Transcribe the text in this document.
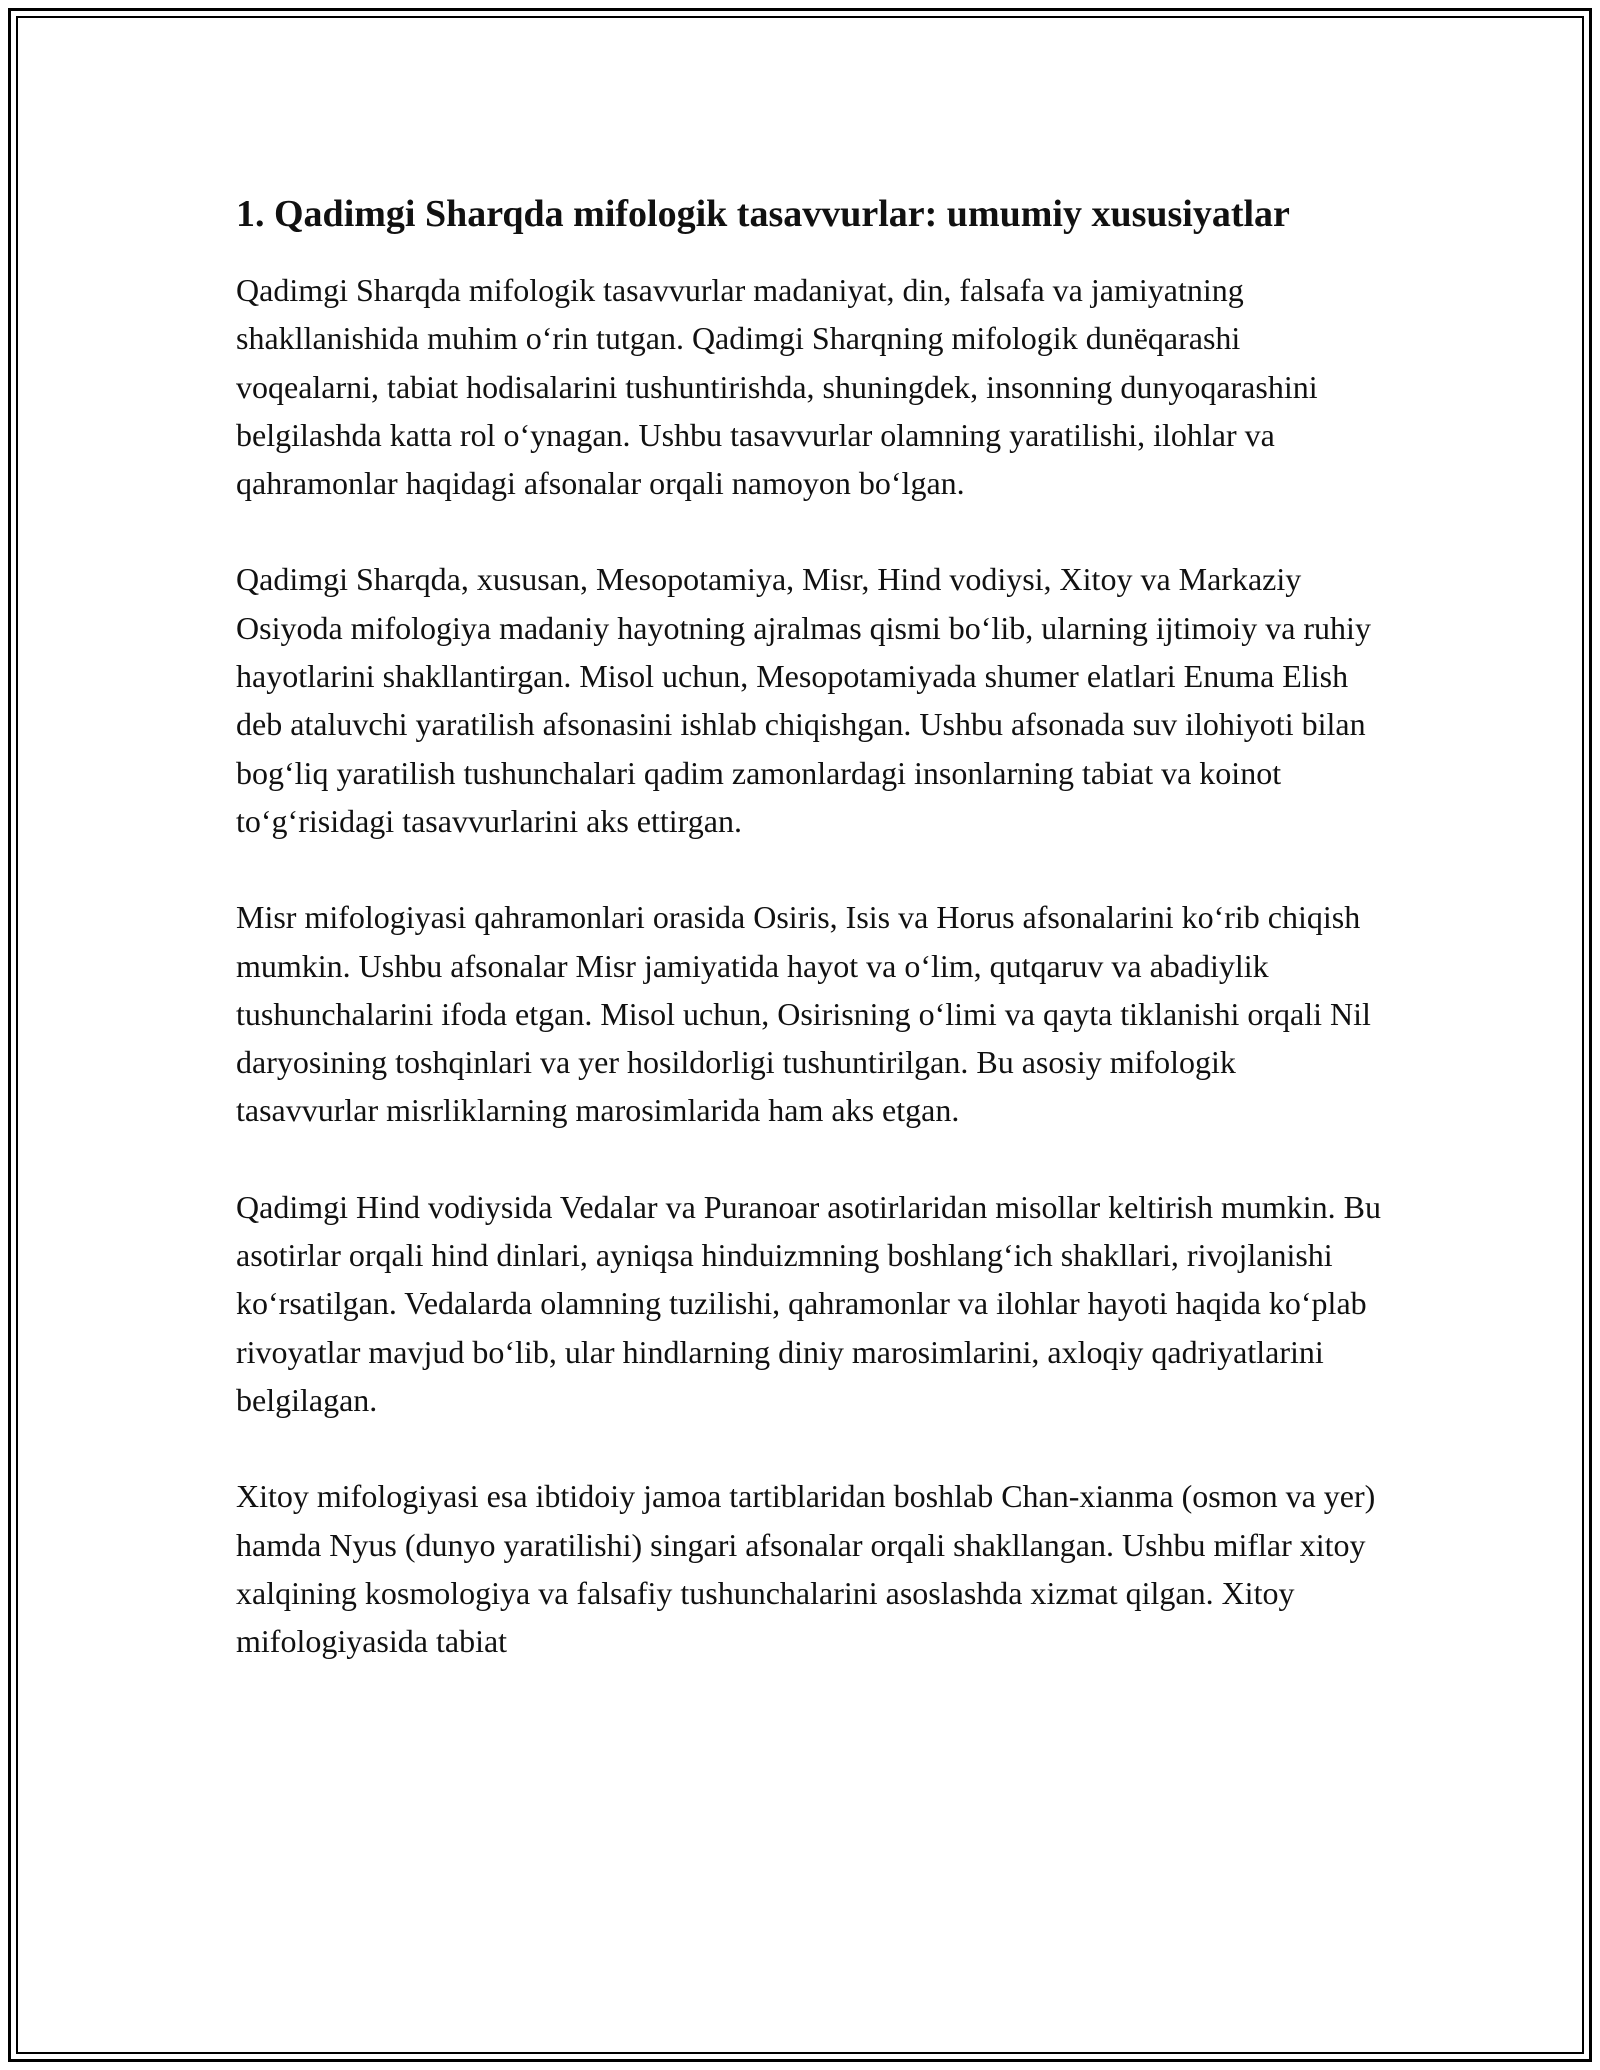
1. Qadimgi Sharqda mifologik tasavvurlar: umumiy xususiyatlar

Qadimgi Sharqda mifologik tasavvurlar madaniyat, din, falsafa va jamiyatning shakllanishida muhim oʻrin tutgan. Qadimgi Sharqning mifologik dunëqarashi voqealarni, tabiat hodisalarini tushuntirishda, shuningdek, insonning dunyoqarashini belgilashda katta rol oʻynagan. Ushbu tasavvurlar olamning yaratilishi, ilohlar va qahramonlar haqidagi afsonalar orqali namoyon boʻlgan.

Qadimgi Sharqda, xususan, Mesopotamiya, Misr, Hind vodiysi, Xitoy va Markaziy Osiyoda mifologiya madaniy hayotning ajralmas qismi boʻlib, ularning ijtimoiy va ruhiy hayotlarini shakllantirgan. Misol uchun, Mesopotamiyada shumer elatlari Enuma Elish deb ataluvchi yaratilish afsonasini ishlab chiqishgan. Ushbu afsonada suv ilohiyoti bilan bogʻliq yaratilish tushunchalari qadim zamonlardagi insonlarning tabiat va koinot toʻgʻrisidagi tasavvurlarini aks ettirgan.

Misr mifologiyasi qahramonlari orasida Osiris, Isis va Horus afsonalarini koʻrib chiqish mumkin. Ushbu afsonalar Misr jamiyatida hayot va oʻlim, qutqaruv va abadiylik tushunchalarini ifoda etgan. Misol uchun, Osirisning oʻlimi va qayta tiklanishi orqali Nil daryosining toshqinlari va yer hosildorligi tushuntirilgan. Bu asosiy mifologik tasavvurlar misrliklarning marosimlarida ham aks etgan.

Qadimgi Hind vodiysida Vedalar va Puranoar asotirlaridan misollar keltirish mumkin. Bu asotirlar orqali hind dinlari, ayniqsa hinduizmning boshlangʻich shakllari, rivojlanishi koʻrsatilgan. Vedalarda olamning tuzilishi, qahramonlar va ilohlar hayoti haqida koʻplab rivoyatlar mavjud boʻlib, ular hindlarning diniy marosimlarini, axloqiy qadriyatlarini belgilagan.

Xitoy mifologiyasi esa ibtidoiy jamoa tartiblaridan boshlab Chan-xianma (osmon va yer) hamda Nyus (dunyo yaratilishi) singari afsonalar orqali shakllangan. Ushbu miflar xitoy xalqining kosmologiya va falsafiy tushunchalarini asoslashda xizmat qilgan. Xitoy mifologiyasida tabiat
